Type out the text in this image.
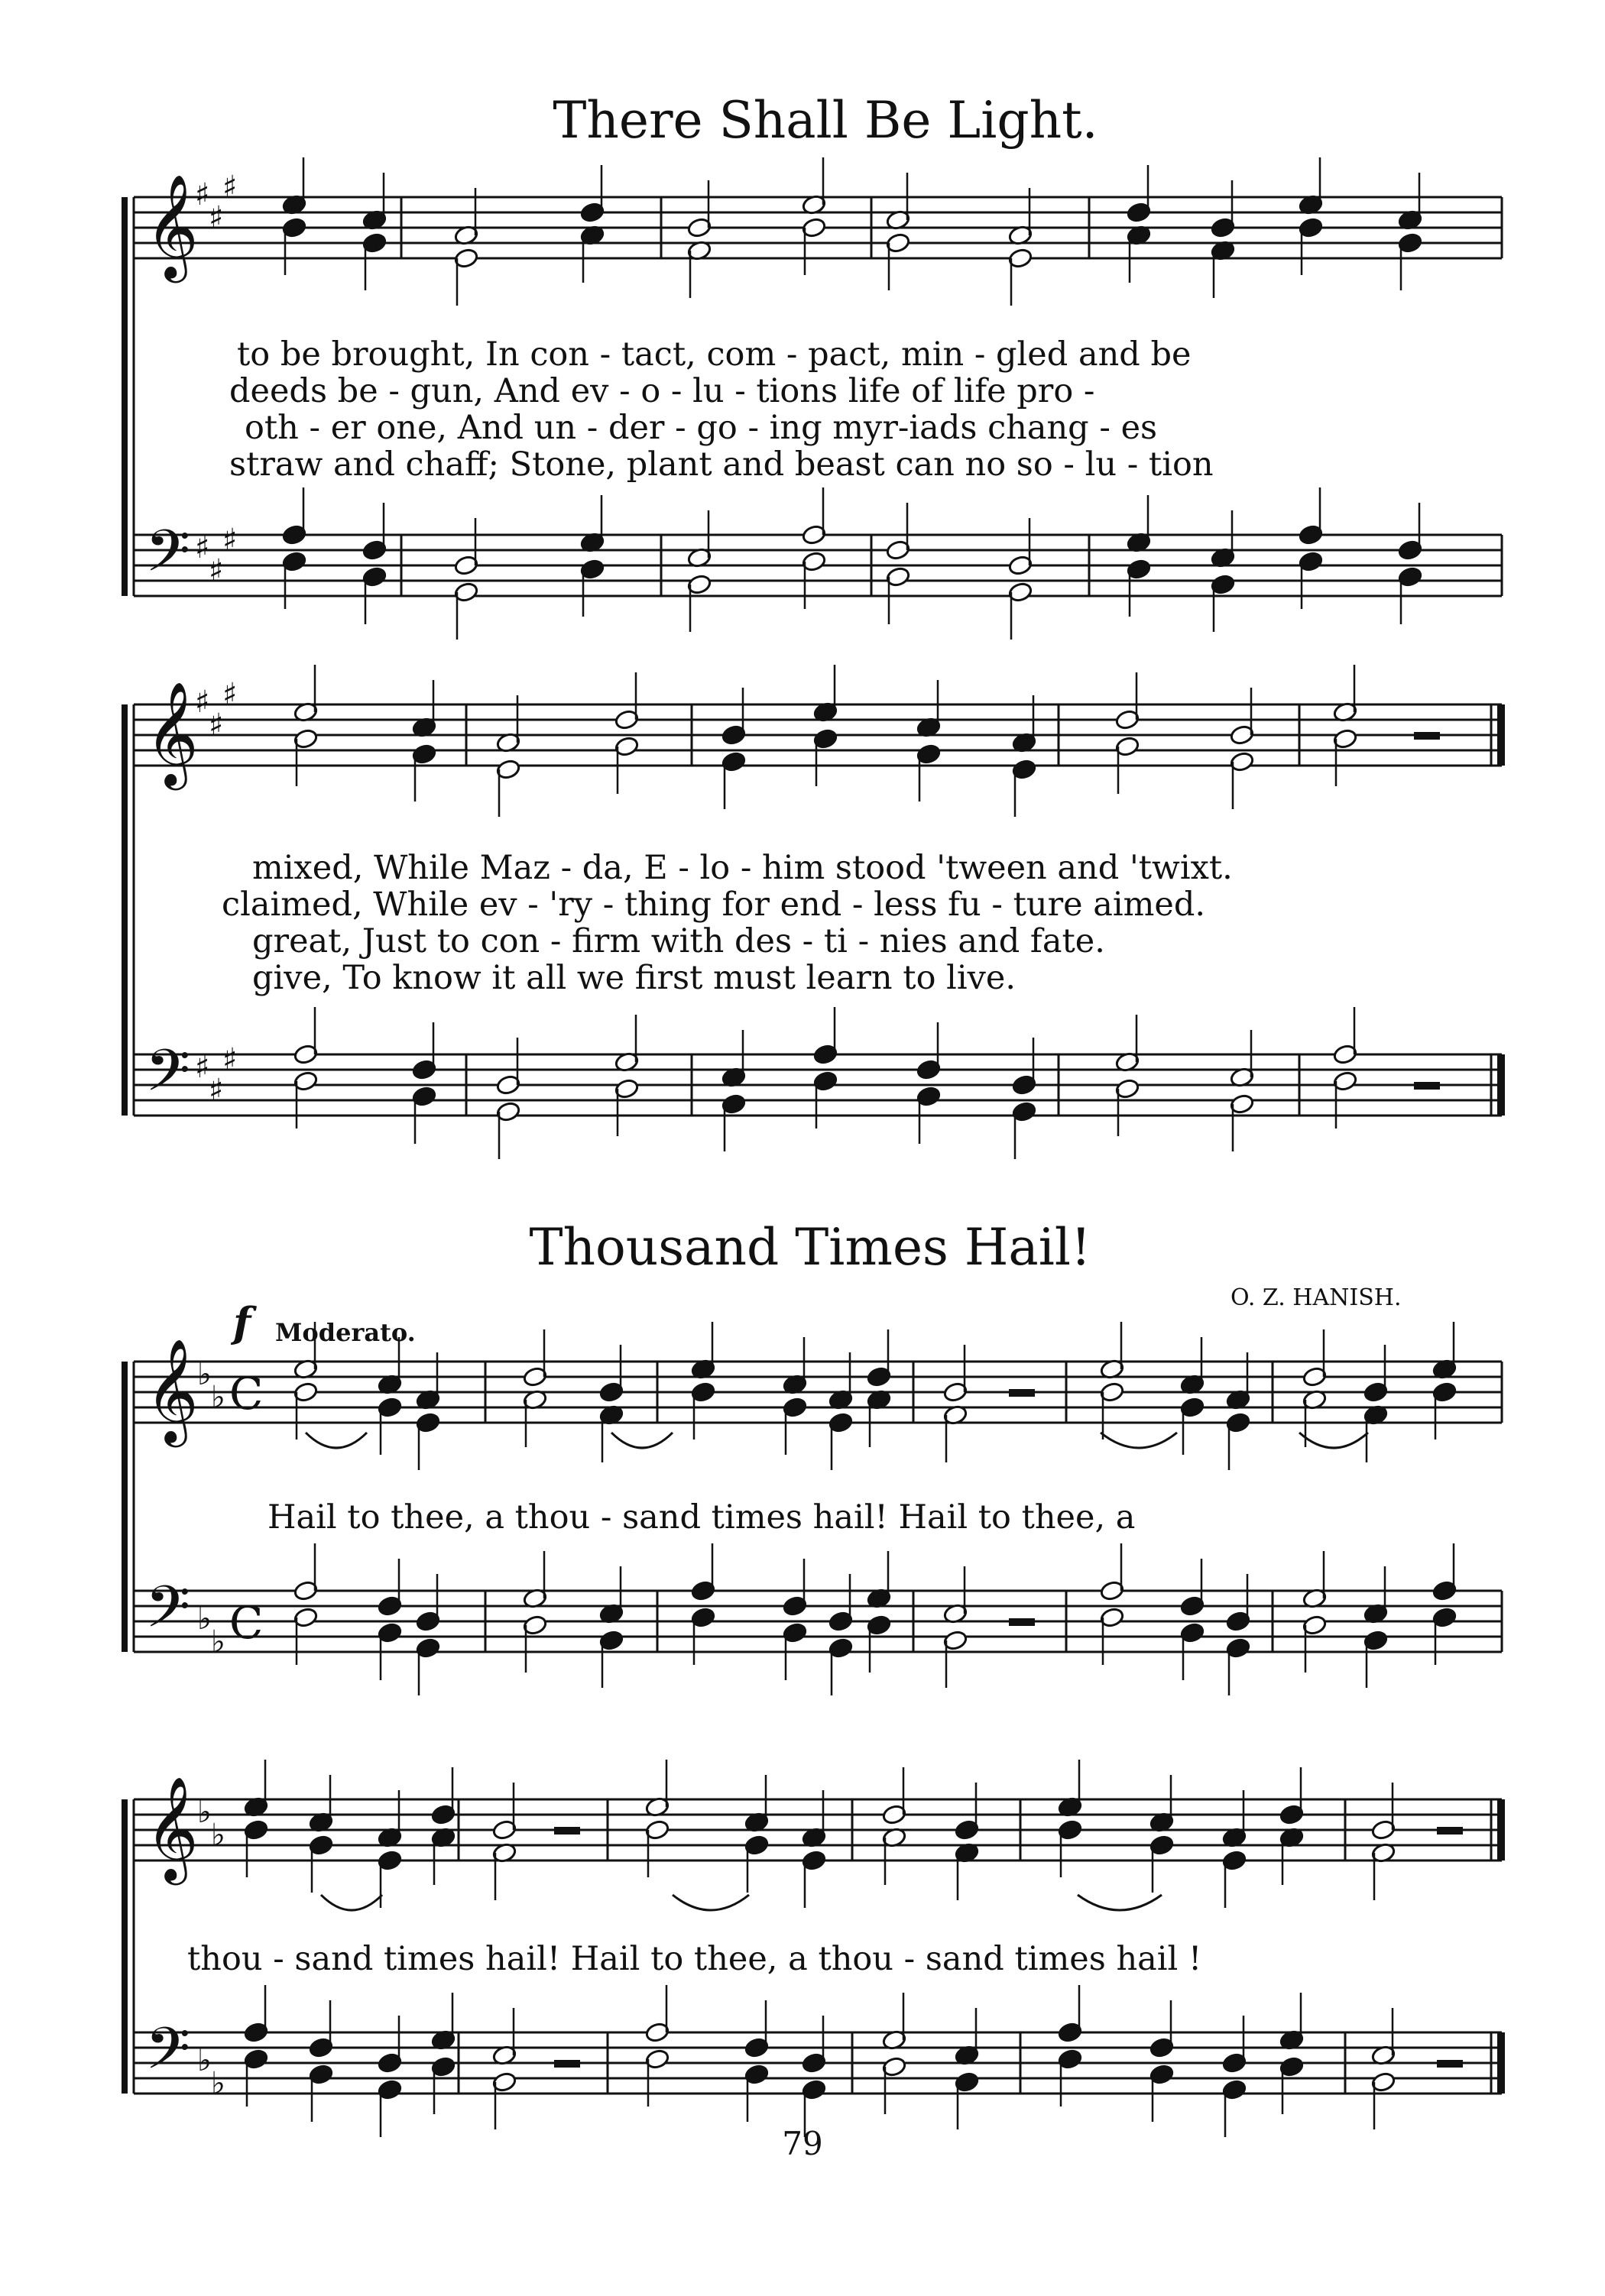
𝄞
𝄢
♯
♯
♯
♯
♯
♯
𝄞
𝄢
♯
♯
♯
♯
♯
♯
𝄞
𝄢
♭
♭
♭
♭
C
C
𝄞
𝄢
♭
♭
♭
♭
There Shall Be Light.
to be brought, In con - tact, com - pact, min - gled and be
deeds be - gun, And ev - o - lu - tions life of life pro -
oth - er one, And un - der - go - ing myr-iads chang - es
straw and chaff; Stone, plant and beast can no so - lu - tion
mixed, While Maz - da, E - lo - him stood 'tween and 'twixt.
claimed, While ev - 'ry - thing for end - less fu - ture aimed.
great, Just to con - firm with des - ti - nies and fate.
give, To know it all we first must learn to live.
Thousand Times Hail!
O. Z. HANISH.
f Moderato.
Hail to thee, a thou - sand times hail! Hail to thee, a
thou - sand times hail! Hail to thee, a thou - sand times hail !
79
